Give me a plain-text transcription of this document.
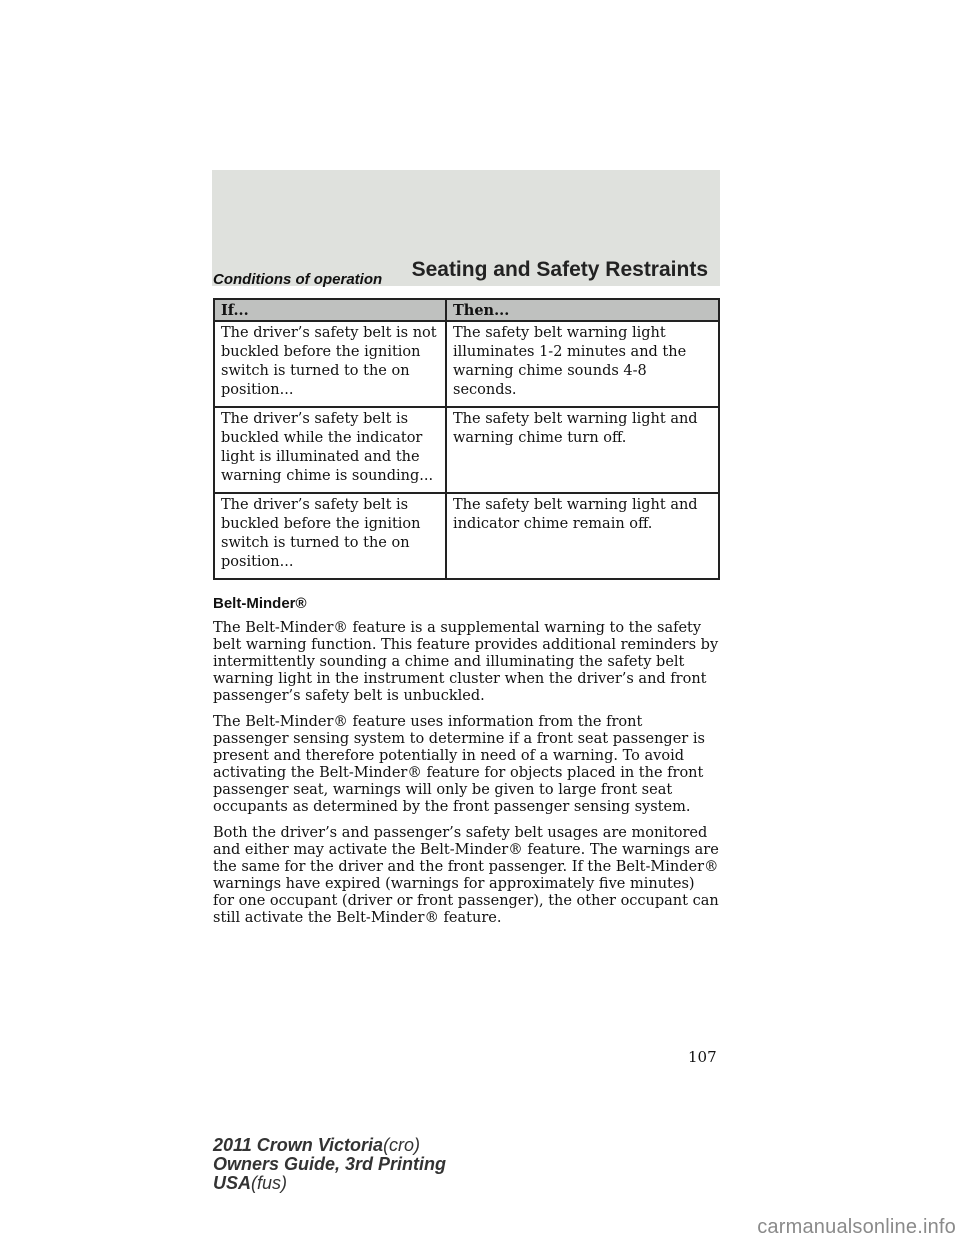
Seating and Safety Restraints
Conditions of operation
If...	Then...
The driver’s safety belt is not buckled before the ignition switch is turned to the on position...	The safety belt warning light illuminates 1-2 minutes and the warning chime sounds 4-8 seconds.
The driver’s safety belt is buckled while the indicator light is illuminated and the warning chime is sounding...	The safety belt warning light and warning chime turn off.
The driver’s safety belt is buckled before the ignition switch is turned to the on position...	The safety belt warning light and indicator chime remain off.
Belt-Minder®

The Belt-Minder® feature is a supplemental warning to the safety belt warning function. This feature provides additional reminders by intermittently sounding a chime and illuminating the safety belt warning light in the instrument cluster when the driver’s and front passenger’s safety belt is unbuckled.

The Belt-Minder® feature uses information from the front passenger sensing system to determine if a front seat passenger is present and therefore potentially in need of a warning. To avoid activating the Belt-Minder® feature for objects placed in the front passenger seat, warnings will only be given to large front seat occupants as determined by the front passenger sensing system.

Both the driver’s and passenger’s safety belt usages are monitored and either may activate the Belt-Minder® feature. The warnings are the same for the driver and the front passenger. If the Belt-Minder® warnings have expired (warnings for approximately five minutes) for one occupant (driver or front passenger), the other occupant can still activate the Belt-Minder® feature.

107
2011 Crown Victoria(cro)
Owners Guide, 3rd Printing
USA(fus)
carmanualsonline.info
